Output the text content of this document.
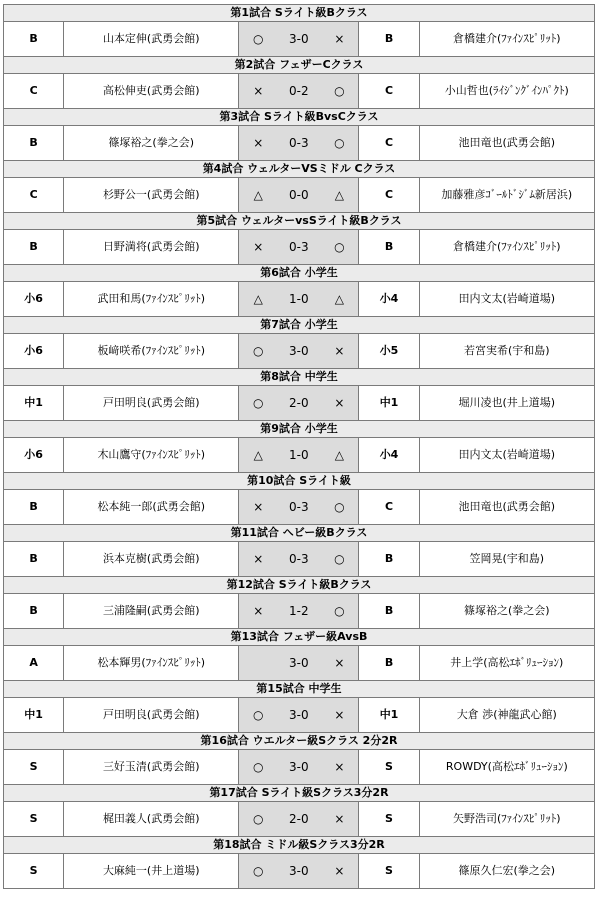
第1試合 Sライト級Bクラス				
B	山本定伸(武勇会館)	○ 3-0 ×	B	倉橋建介(ﾌｧｲﾝｽﾋﾟﾘｯﾄ)
第2試合 フェザーCクラス				
C	高松伸吏(武勇会館)	× 0-2 ○	C	小山哲也(ﾗｲｼﾞﾝｸﾞｲﾝﾊﾟｸﾄ)
第3試合 Sライト級BvsCクラス				
B	篠塚裕之(拳之会)	× 0-3 ○	C	池田竜也(武勇会館)
第4試合 ウェルターVSミドル Cクラス				
C	杉野公一(武勇会館)	△ 0-0 △	C	加藤雅彦ｺﾞｰﾙﾄﾞｼﾞﾑ新居浜)
第5試合 ウェルターvsSライト級Bクラス				
B	日野満将(武勇会館)	× 0-3 ○	B	倉橋建介(ﾌｧｲﾝｽﾋﾟﾘｯﾄ)
第6試合 小学生				
小6	武田和馬(ﾌｧｲﾝｽﾋﾟﾘｯﾄ)	△ 1-0 △	小4	田内文太(岩崎道場)
第7試合 小学生				
小6	板﨑咲希(ﾌｧｲﾝｽﾋﾟﾘｯﾄ)	○ 3-0 ×	小5	若宮実希(宇和島)
第8試合 中学生				
中1	戸田明良(武勇会館)	○ 2-0 ×	中1	堀川凌也(井上道場)
第9試合 小学生				
小6	木山鷹守(ﾌｧｲﾝｽﾋﾟﾘｯﾄ)	△ 1-0 △	小4	田内文太(岩崎道場)
第10試合 Sライト級				
B	松本純一郎(武勇会館)	× 0-3 ○	C	池田竜也(武勇会館)
第11試合 ヘビー級Bクラス				
B	浜本克樹(武勇会館)	× 0-3 ○	B	笠岡晃(宇和島)
第12試合 Sライト級Bクラス				
B	三浦隆嗣(武勇会館)	× 1-2 ○	B	篠塚裕之(拳之会)
第13試合 フェザー級AvsB				
A	松本輝男(ﾌｧｲﾝｽﾋﾟﾘｯﾄ)	3-0 ×	B	井上学(高松ｴﾎﾞﾘｭｰｼｮﾝ)
第15試合 中学生				
中1	戸田明良(武勇会館)	○ 3-0 ×	中1	大倉 渉(神龍武心館)
第16試合 ウエルター級Sクラス 2分2R				
S	三好玉清(武勇会館)	○ 3-0 ×	S	ROWDY(高松ｴﾎﾞﾘｭｰｼｮﾝ)
第17試合 Sライト級Sクラス3分2R				
S	梶田義人(武勇会館)	○ 2-0 ×	S	矢野浩司(ﾌｧｲﾝｽﾋﾟﾘｯﾄ)
第18試合 ミドル級Sクラス3分2R				
S	大麻純一(井上道場)	○ 3-0 ×	S	篠原久仁宏(拳之会)
